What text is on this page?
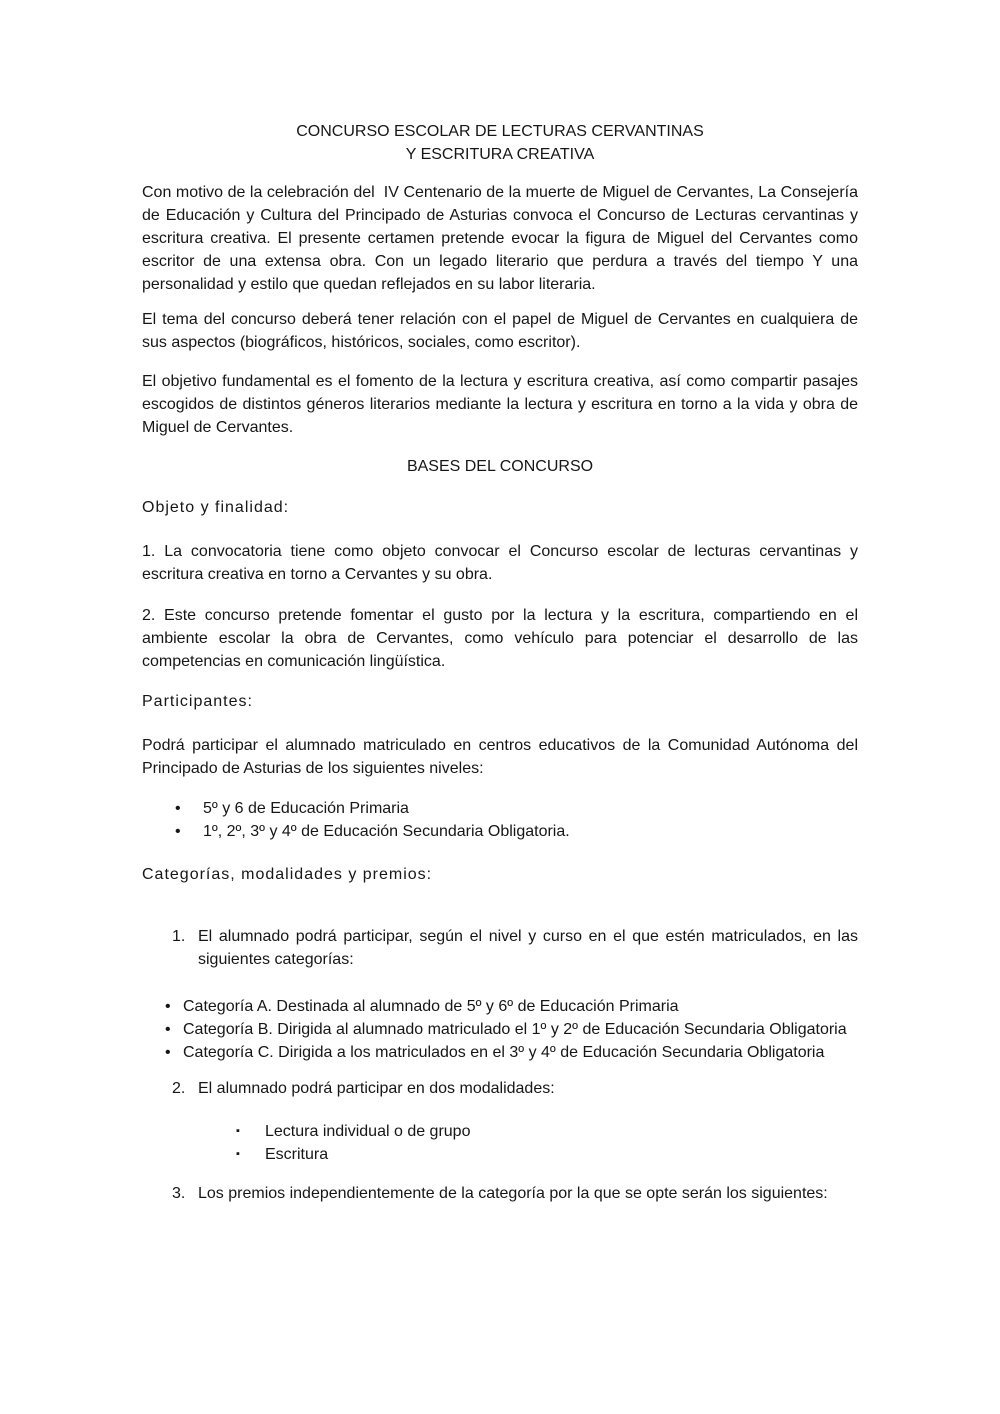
CONCURSO ESCOLAR DE LECTURAS CERVANTINAS
Y ESCRITURA CREATIVA

Con motivo de la celebración del  IV Centenario de la muerte de Miguel de Cervantes, La Consejería de Educación y Cultura del Principado de Asturias convoca el Concurso de Lecturas cervantinas y escritura creativa. El presente certamen pretende evocar la figura de Miguel del Cervantes como escritor de una extensa obra. Con un legado literario que perdura a través del tiempo Y una personalidad y estilo que quedan reflejados en su labor literaria.

El tema del concurso deberá tener relación con el papel de Miguel de Cervantes en cualquiera de sus aspectos (biográficos, históricos, sociales, como escritor).

El objetivo fundamental es el fomento de la lectura y escritura creativa, así como compartir pasajes escogidos de distintos géneros literarios mediante la lectura y escritura en torno a la vida y obra de Miguel de Cervantes.

BASES DEL CONCURSO
Objeto y finalidad:

1. La convocatoria tiene como objeto convocar el Concurso escolar de lecturas cervantinas y escritura creativa en torno a Cervantes y su obra.

2. Este concurso pretende fomentar el gusto por la lectura y la escritura, compartiendo en el ambiente escolar la obra de Cervantes, como vehículo para potenciar el desarrollo de las competencias en comunicación lingüística.

Participantes:

Podrá participar el alumnado matriculado en centros educativos de la Comunidad Autónoma del Principado de Asturias de los siguientes niveles:

•	5º y 6 de Educación Primaria
•	1º, 2º, 3º y 4º de Educación Secundaria Obligatoria.
Categorías, modalidades y premios:
1. El alumnado podrá participar, según el nivel y curso en el que estén matriculados, en las siguientes categorías:
• Categoría A. Destinada al alumnado de 5º y 6º de Educación Primaria
• Categoría B. Dirigida al alumnado matriculado el 1º y 2º de Educación Secundaria Obligatoria
• Categoría C. Dirigida a los matriculados en el 3º y 4º de Educación Secundaria Obligatoria
2. El alumnado podrá participar en dos modalidades:
▪	Lectura individual o de grupo
▪	Escritura
3. Los premios independientemente de la categoría por la que se opte serán los siguientes:
